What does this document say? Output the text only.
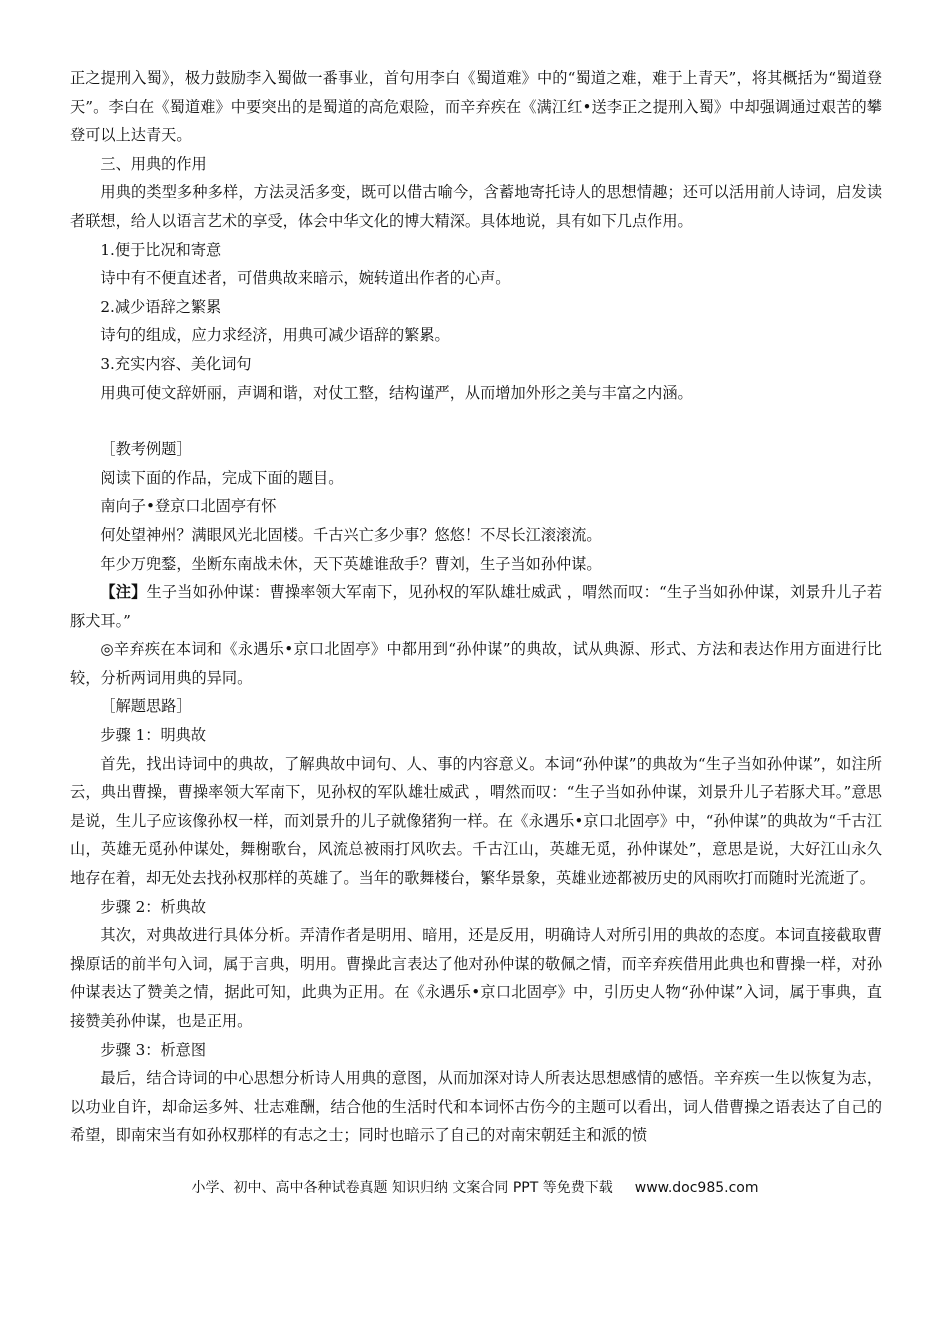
正之提刑入蜀》，极力鼓励李入蜀做一番事业，首句用李白《蜀道难》中的“蜀道之难，难于上青天”，将其概括为“蜀道登天”。李白在《蜀道难》中要突出的是蜀道的高危艰险，而辛弃疾在《满江红•送李正之提刑入蜀》中却强调通过艰苦的攀登可以上达青天。

三、用典的作用

用典的类型多种多样，方法灵活多变，既可以借古喻今，含蓄地寄托诗人的思想情趣；还可以活用前人诗词，启发读者联想，给人以语言艺术的享受，体会中华文化的博大精深。具体地说，具有如下几点作用。

1.便于比况和寄意

诗中有不便直述者，可借典故来暗示，婉转道出作者的心声。

2.减少语辞之繁累

诗句的组成，应力求经济，用典可减少语辞的繁累。

3.充实内容、美化词句

用典可使文辞妍丽，声调和谐，对仗工整，结构谨严，从而增加外形之美与丰富之内涵。

［教考例题］

阅读下面的作品，完成下面的题目。

南向子•登京口北固亭有怀

何处望神州？满眼风光北固楼。千古兴亡多少事？悠悠！不尽长江滚滚流。

年少万兜鍪，坐断东南战未休，天下英雄谁敌手？曹刘，生子当如孙仲谋。

【注】生子当如孙仲谋：曹操率领大军南下，见孙权的军队雄壮威武 ，喟然而叹：“生子当如孙仲谋，刘景升儿子若豚犬耳。”

◎辛弃疾在本词和《永遇乐•京口北固亭》中都用到“孙仲谋”的典故，试从典源、形式、方法和表达作用方面进行比较，分析两词用典的异同。

［解题思路］

步骤 1：明典故

首先，找出诗词中的典故，了解典故中词句、人、事的内容意义。本词“孙仲谋”的典故为“生子当如孙仲谋”，如注所云，典出曹操，曹操率领大军南下，见孙权的军队雄壮威武 ，喟然而叹：“生子当如孙仲谋，刘景升儿子若豚犬耳。”意思是说，生儿子应该像孙权一样，而刘景升的儿子就像猪狗一样。在《永遇乐•京口北固亭》中，“孙仲谋”的典故为“千古江山，英雄无觅孙仲谋处，舞榭歌台，风流总被雨打风吹去。千古江山，英雄无觅，孙仲谋处”，意思是说，大好江山永久地存在着，却无处去找孙权那样的英雄了。当年的歌舞楼台，繁华景象，英雄业迹都被历史的风雨吹打而随时光流逝了。

步骤 2：析典故

其次，对典故进行具体分析。弄清作者是明用、暗用，还是反用，明确诗人对所引用的典故的态度。本词直接截取曹操原话的前半句入词，属于言典，明用。曹操此言表达了他对孙仲谋的敬佩之情，而辛弃疾借用此典也和曹操一样，对孙仲谋表达了赞美之情，据此可知，此典为正用。在《永遇乐•京口北固亭》中，引历史人物“孙仲谋”入词，属于事典，直接赞美孙仲谋，也是正用。

步骤 3：析意图

最后，结合诗词的中心思想分析诗人用典的意图，从而加深对诗人所表达思想感情的感悟。辛弃疾一生以恢复为志，以功业自许，却命运多舛、壮志难酬，结合他的生活时代和本词怀古伤今的主题可以看出，词人借曹操之语表达了自己的希望，即南宋当有如孙权那样的有志之士；同时也暗示了自己的对南宋朝廷主和派的愤

小学、初中、高中各种试卷真题 知识归纳 文案合同 PPT 等免费下载 www.doc985.com
